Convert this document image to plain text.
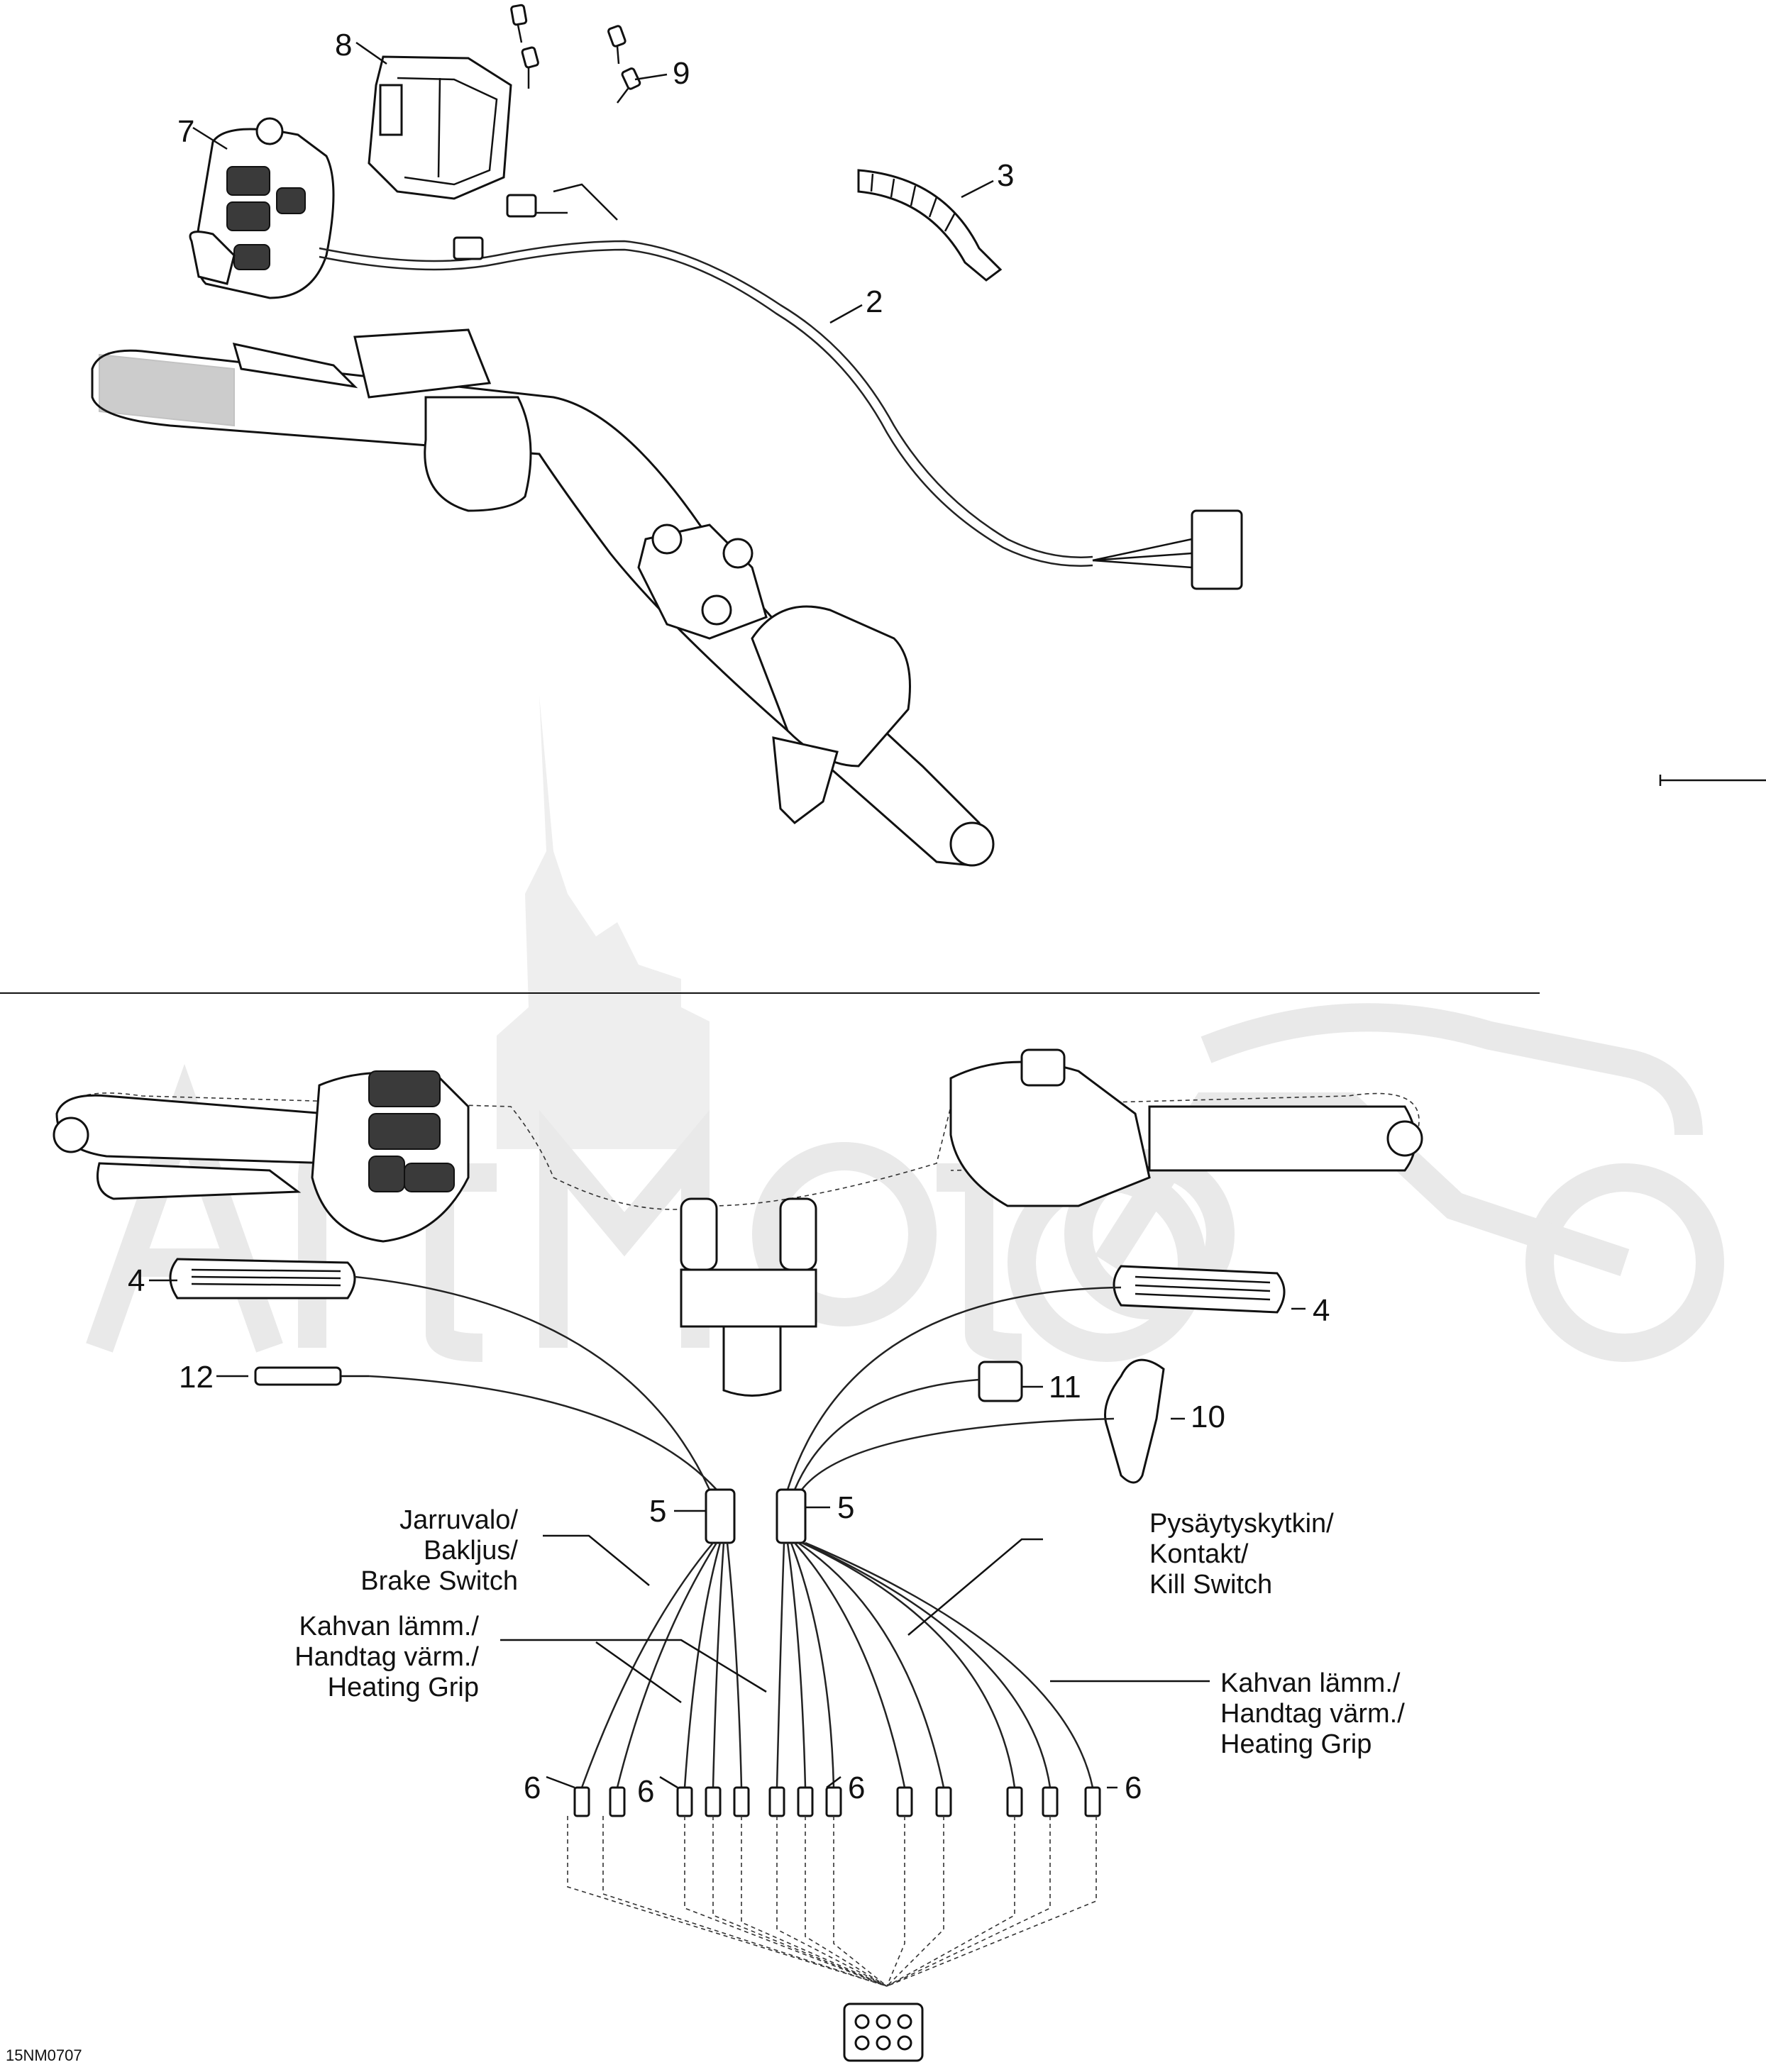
7
8
9
3
2
4
4
12	11
10
5	5
6	6	6	6
Jarruvalo/
Bakljus/
Brake Switch
Kahvan lämm./
Handtag värm./
Heating Grip
Pysäytyskytkin/
Kontakt/
Kill Switch
Kahvan lämm./
Handtag värm./
Heating Grip
15NM0707
